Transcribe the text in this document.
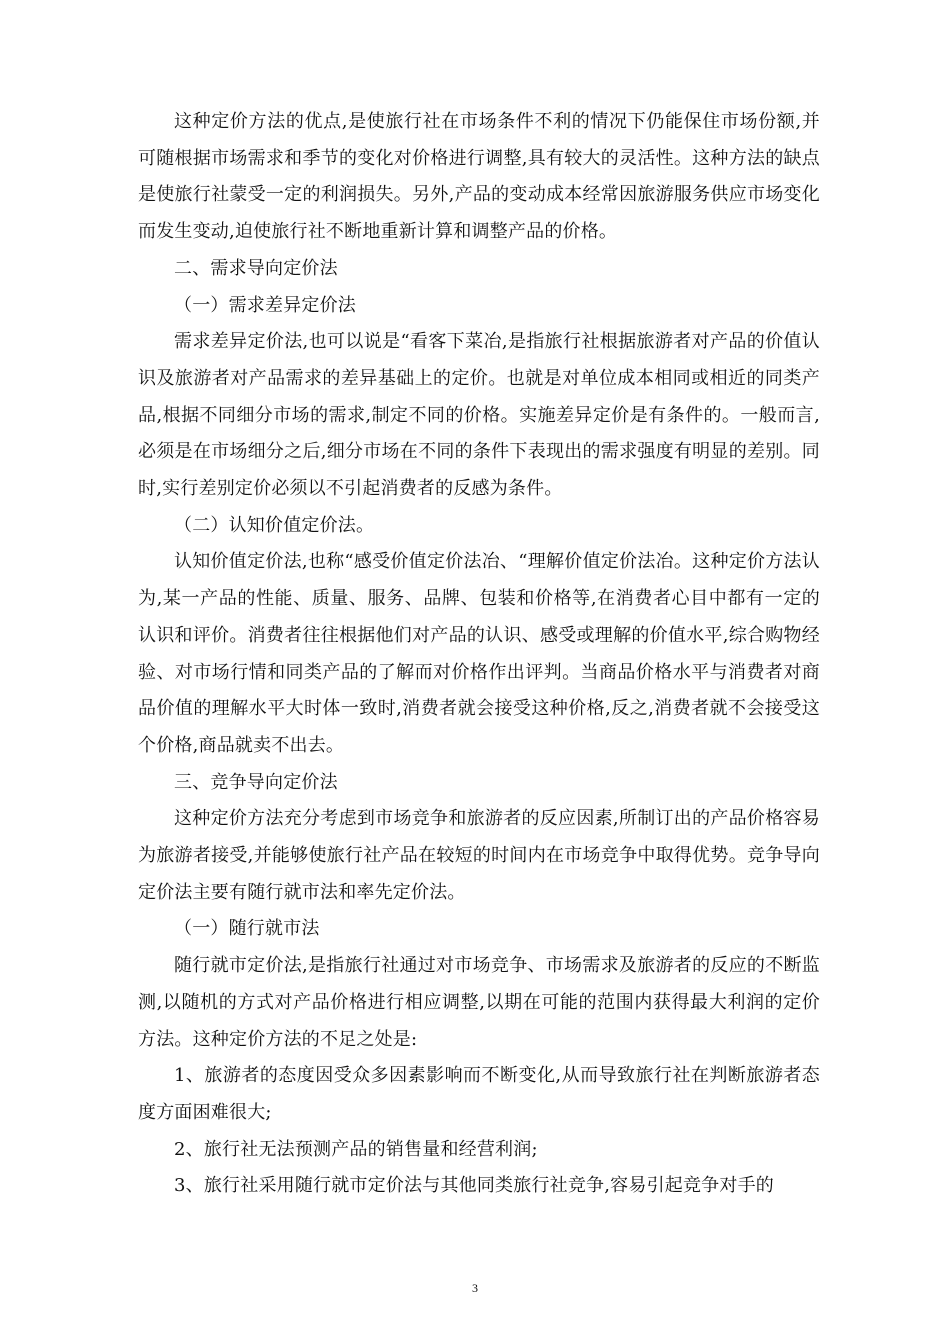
这种定价方法的优点,是使旅行社在市场条件不利的情况下仍能保住市场份额,并可随根据市场需求和季节的变化对价格进行调整,具有较大的灵活性。这种方法的缺点是使旅行社蒙受一定的利润损失。另外,产品的变动成本经常因旅游服务供应市场变化而发生变动,迫使旅行社不断地重新计算和调整产品的价格。

二、需求导向定价法

（一）需求差异定价法

需求差异定价法,也可以说是“看客下菜冶,是指旅行社根据旅游者对产品的价值认识及旅游者对产品需求的差异基础上的定价。也就是对单位成本相同或相近的同类产品,根据不同细分市场的需求,制定不同的价格。实施差异定价是有条件的。一般而言,必须是在市场细分之后,细分市场在不同的条件下表现出的需求强度有明显的差别。同时,实行差别定价必须以不引起消费者的反感为条件。

（二）认知价值定价法。

认知价值定价法,也称“感受价值定价法冶、“理解价值定价法冶。这种定价方法认为,某一产品的性能、质量、服务、品牌、包装和价格等,在消费者心目中都有一定的认识和评价。消费者往往根据他们对产品的认识、感受或理解的价值水平,综合购物经验、对市场行情和同类产品的了解而对价格作出评判。当商品价格水平与消费者对商品价值的理解水平大时体一致时,消费者就会接受这种价格,反之,消费者就不会接受这个价格,商品就卖不出去。

三、竞争导向定价法

这种定价方法充分考虑到市场竞争和旅游者的反应因素,所制订出的产品价格容易为旅游者接受,并能够使旅行社产品在较短的时间内在市场竞争中取得优势。竞争导向定价法主要有随行就市法和率先定价法。

（一）随行就市法

随行就市定价法,是指旅行社通过对市场竞争、市场需求及旅游者的反应的不断监测,以随机的方式对产品价格进行相应调整,以期在可能的范围内获得最大利润的定价方法。这种定价方法的不足之处是:

1、旅游者的态度因受众多因素影响而不断变化,从而导致旅行社在判断旅游者态度方面困难很大;

2、旅行社无法预测产品的销售量和经营利润;

3、旅行社采用随行就市定价法与其他同类旅行社竞争,容易引起竞争对手的

3
